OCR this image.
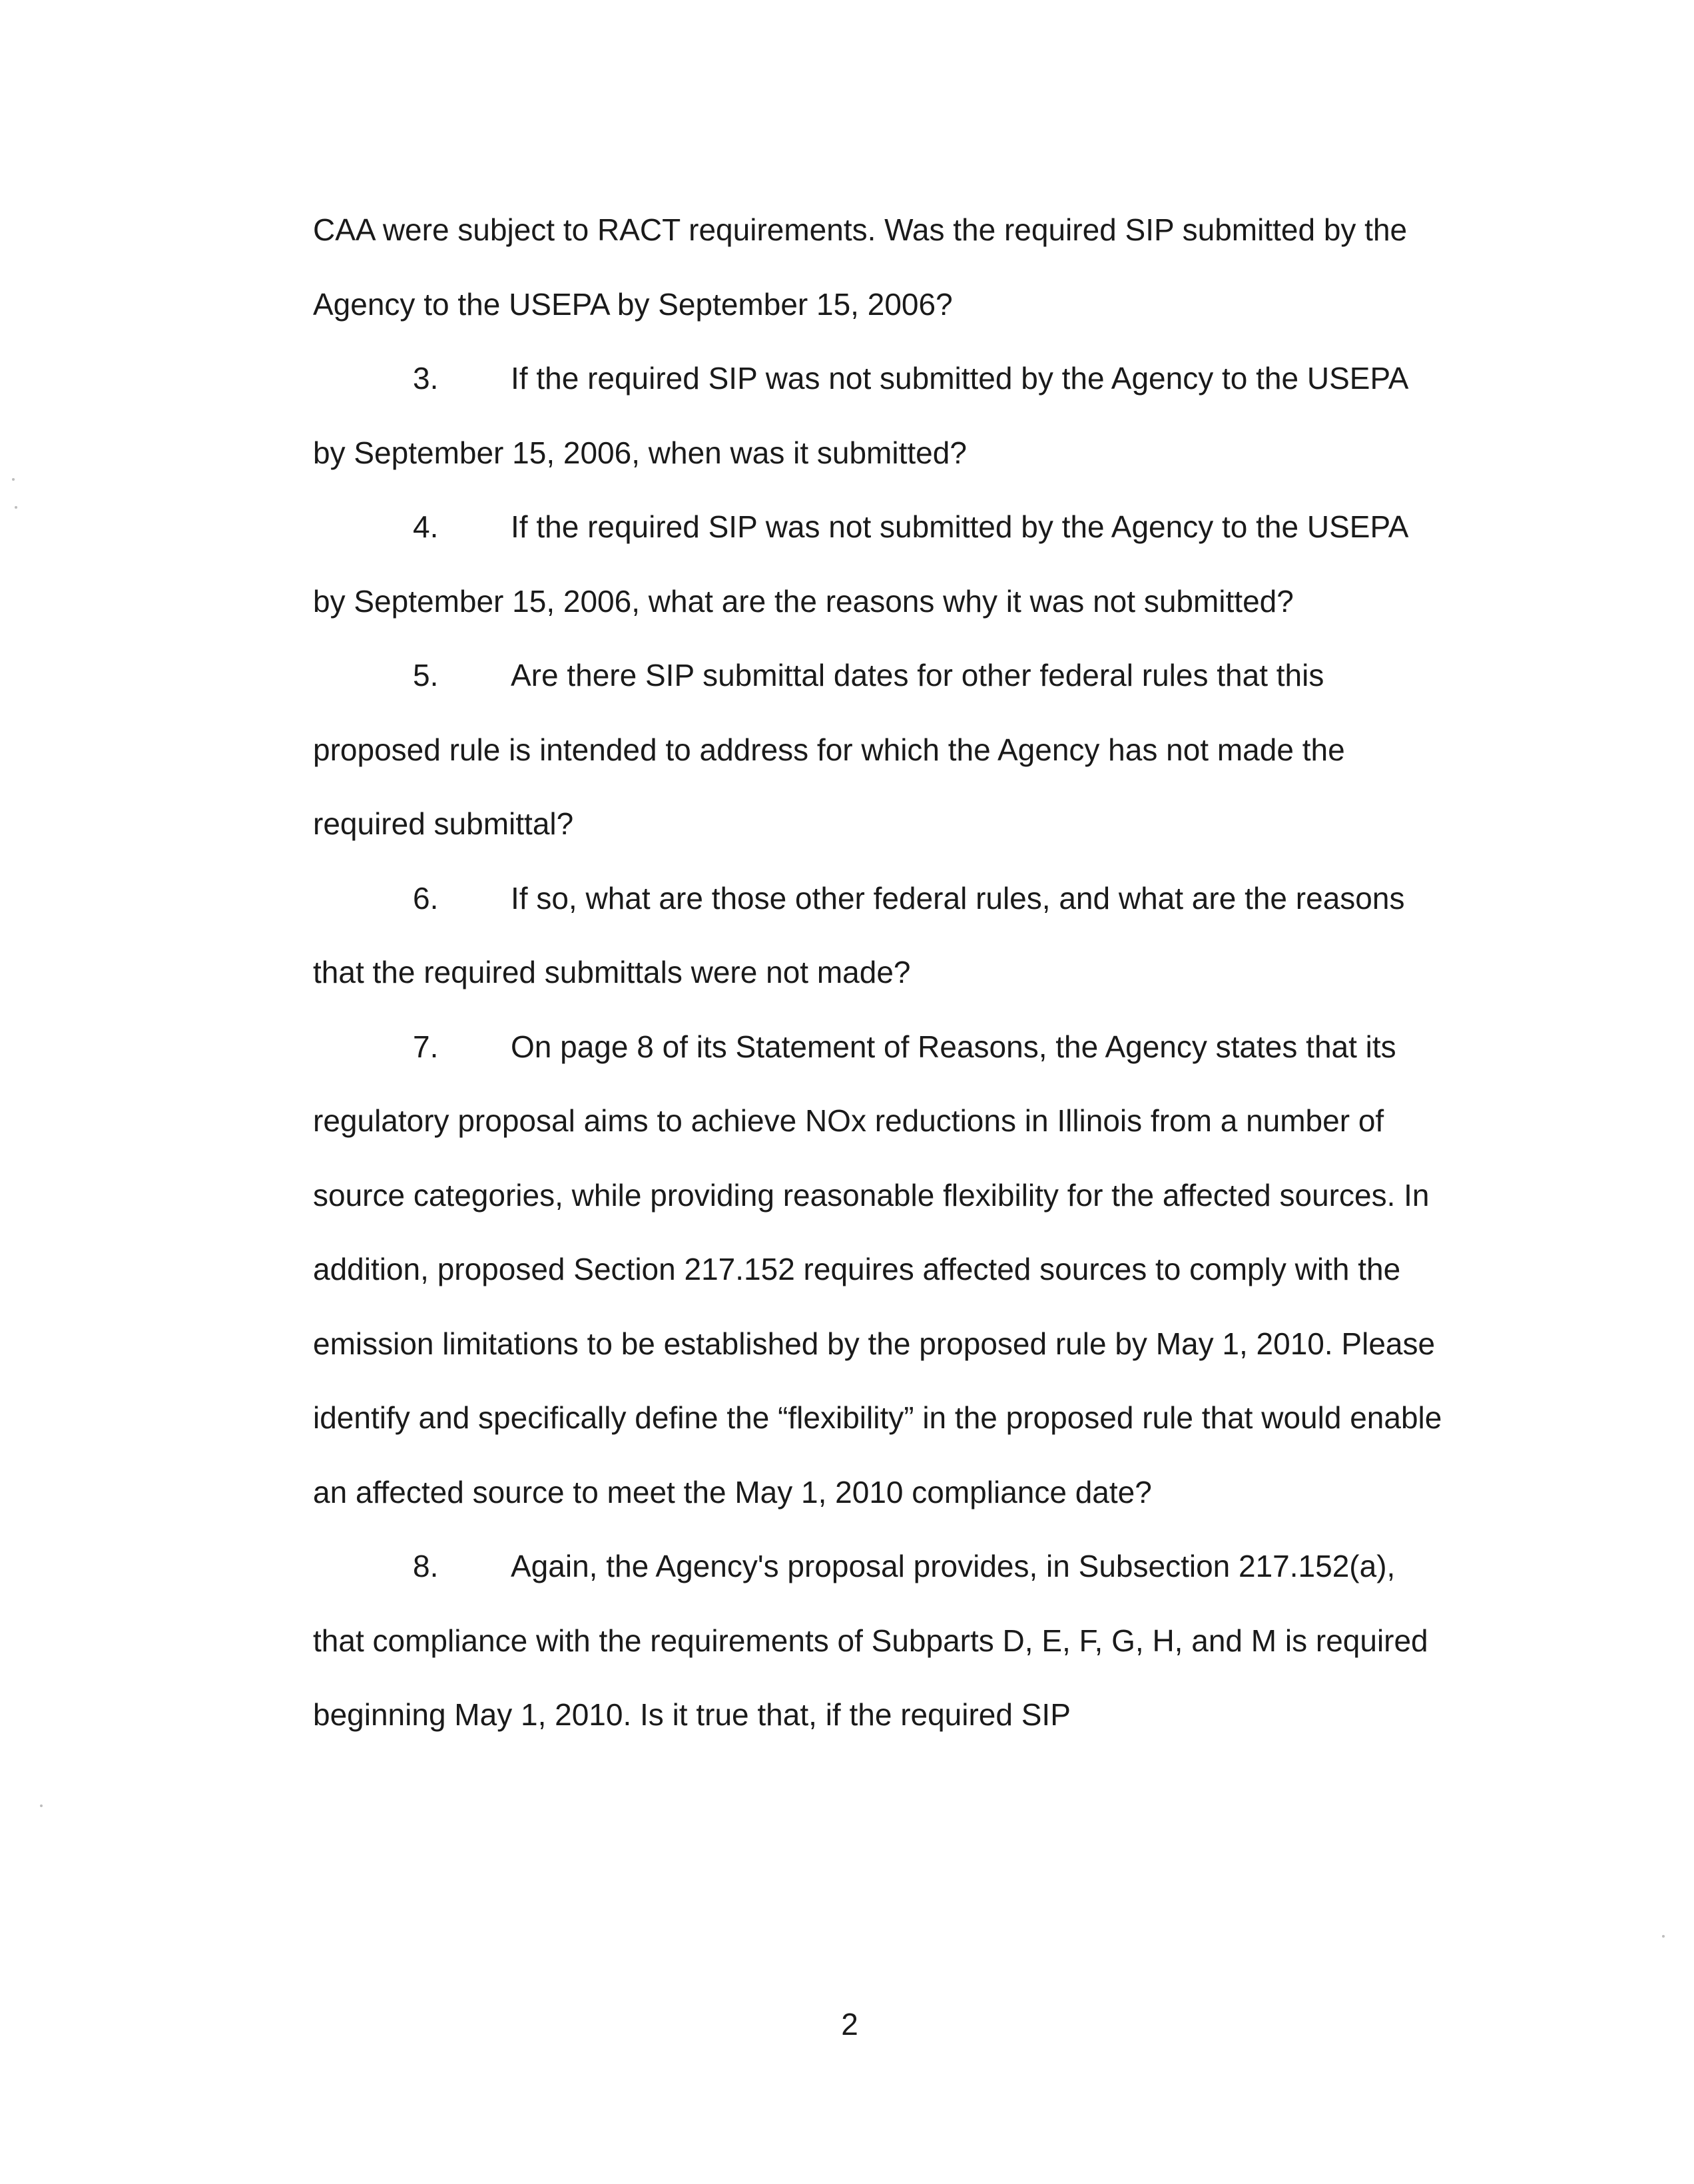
CAA were subject to RACT requirements. Was the required SIP submitted by the Agency to the USEPA by September 15, 2006?

3. If the required SIP was not submitted by the Agency to the USEPA by September 15, 2006, when was it submitted?

4. If the required SIP was not submitted by the Agency to the USEPA by September 15, 2006, what are the reasons why it was not submitted?

5. Are there SIP submittal dates for other federal rules that this proposed rule is intended to address for which the Agency has not made the required submittal?

6. If so, what are those other federal rules, and what are the reasons that the required submittals were not made?

7. On page 8 of its Statement of Reasons, the Agency states that its regulatory proposal aims to achieve NOx reductions in Illinois from a number of source categories, while providing reasonable flexibility for the affected sources. In addition, proposed Section 217.152 requires affected sources to comply with the emission limitations to be established by the proposed rule by May 1, 2010. Please identify and specifically define the “flexibility” in the proposed rule that would enable an affected source to meet the May 1, 2010 compliance date?

8. Again, the Agency's proposal provides, in Subsection 217.152(a), that compliance with the requirements of Subparts D, E, F, G, H, and M is required beginning May 1, 2010. Is it true that, if the required SIP

2
